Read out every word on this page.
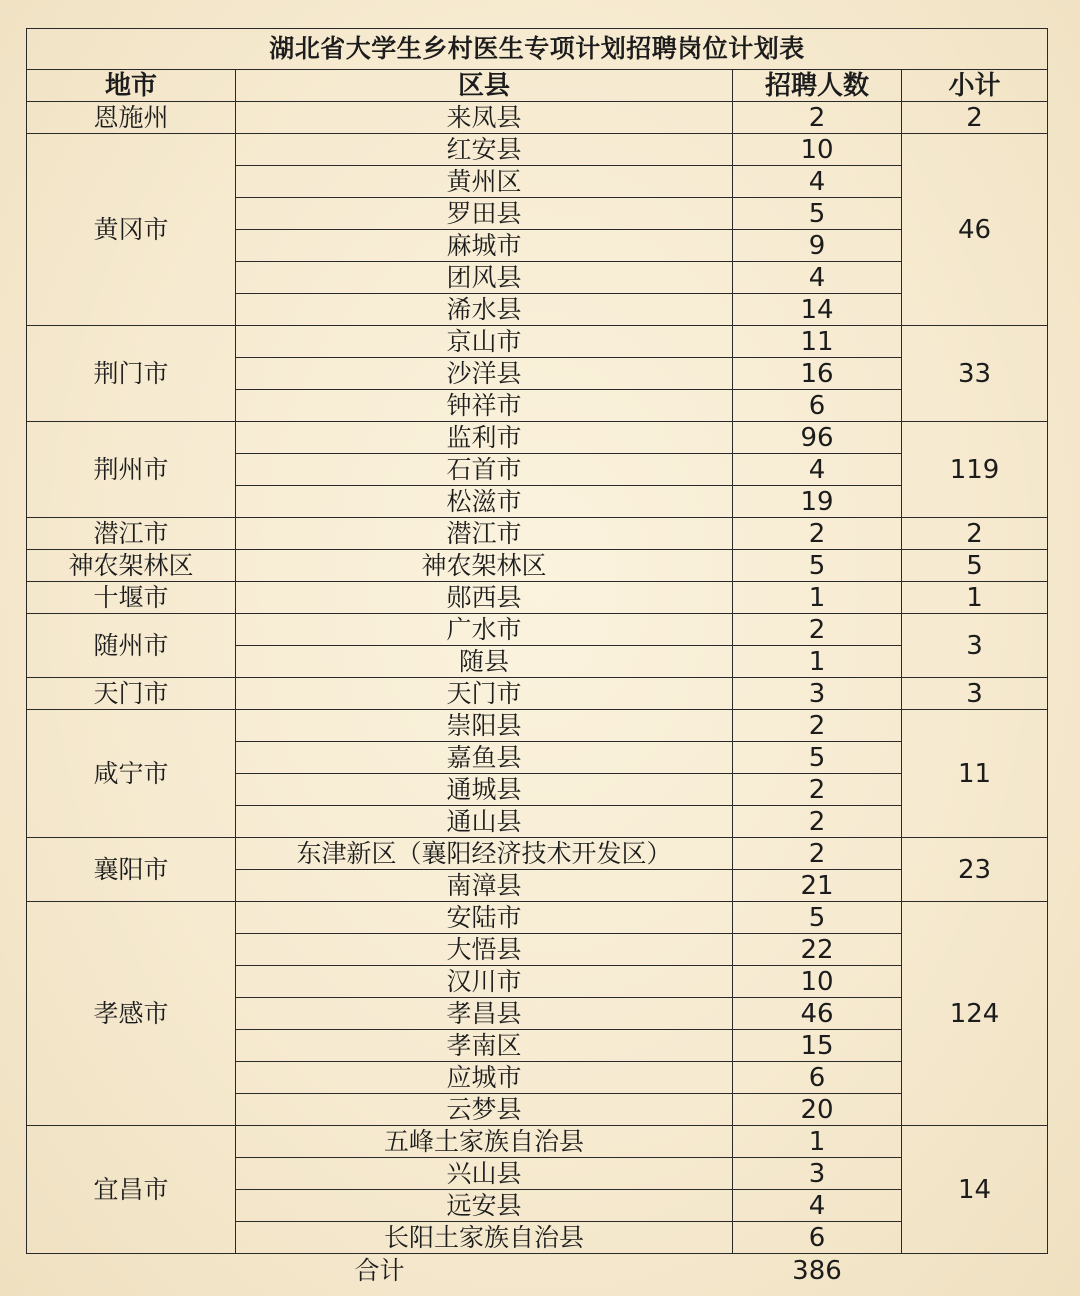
湖北省大学生乡村医生专项计划招聘岗位计划表			
地市	区县	招聘人数	小计
恩施州	来凤县	2	2
黄冈市	红安县	10	46
	黄州区	4	
	罗田县	5	
	麻城市	9	
	团风县	4	
	浠水县	14	
荆门市	京山市	11	33
	沙洋县	16	
	钟祥市	6	
荆州市	监利市	96	119
	石首市	4	
	松滋市	19	
潜江市	潜江市	2	2
神农架林区	神农架林区	5	5
十堰市	郧西县	1	1
随州市	广水市	2	3
	随县	1	
天门市	天门市	3	3
咸宁市	崇阳县	2	11
	嘉鱼县	5	
	通城县	2	
	通山县	2	
襄阳市	东津新区（襄阳经济技术开发区）	2	23
	南漳县	21	
孝感市	安陆市	5	124
	大悟县	22	
	汉川市	10	
	孝昌县	46	
	孝南区	15	
	应城市	6	
	云梦县	20	
宜昌市	五峰土家族自治县	1	14
	兴山县	3	
	远安县	4	
	长阳土家族自治县	6	
	合计	386	
